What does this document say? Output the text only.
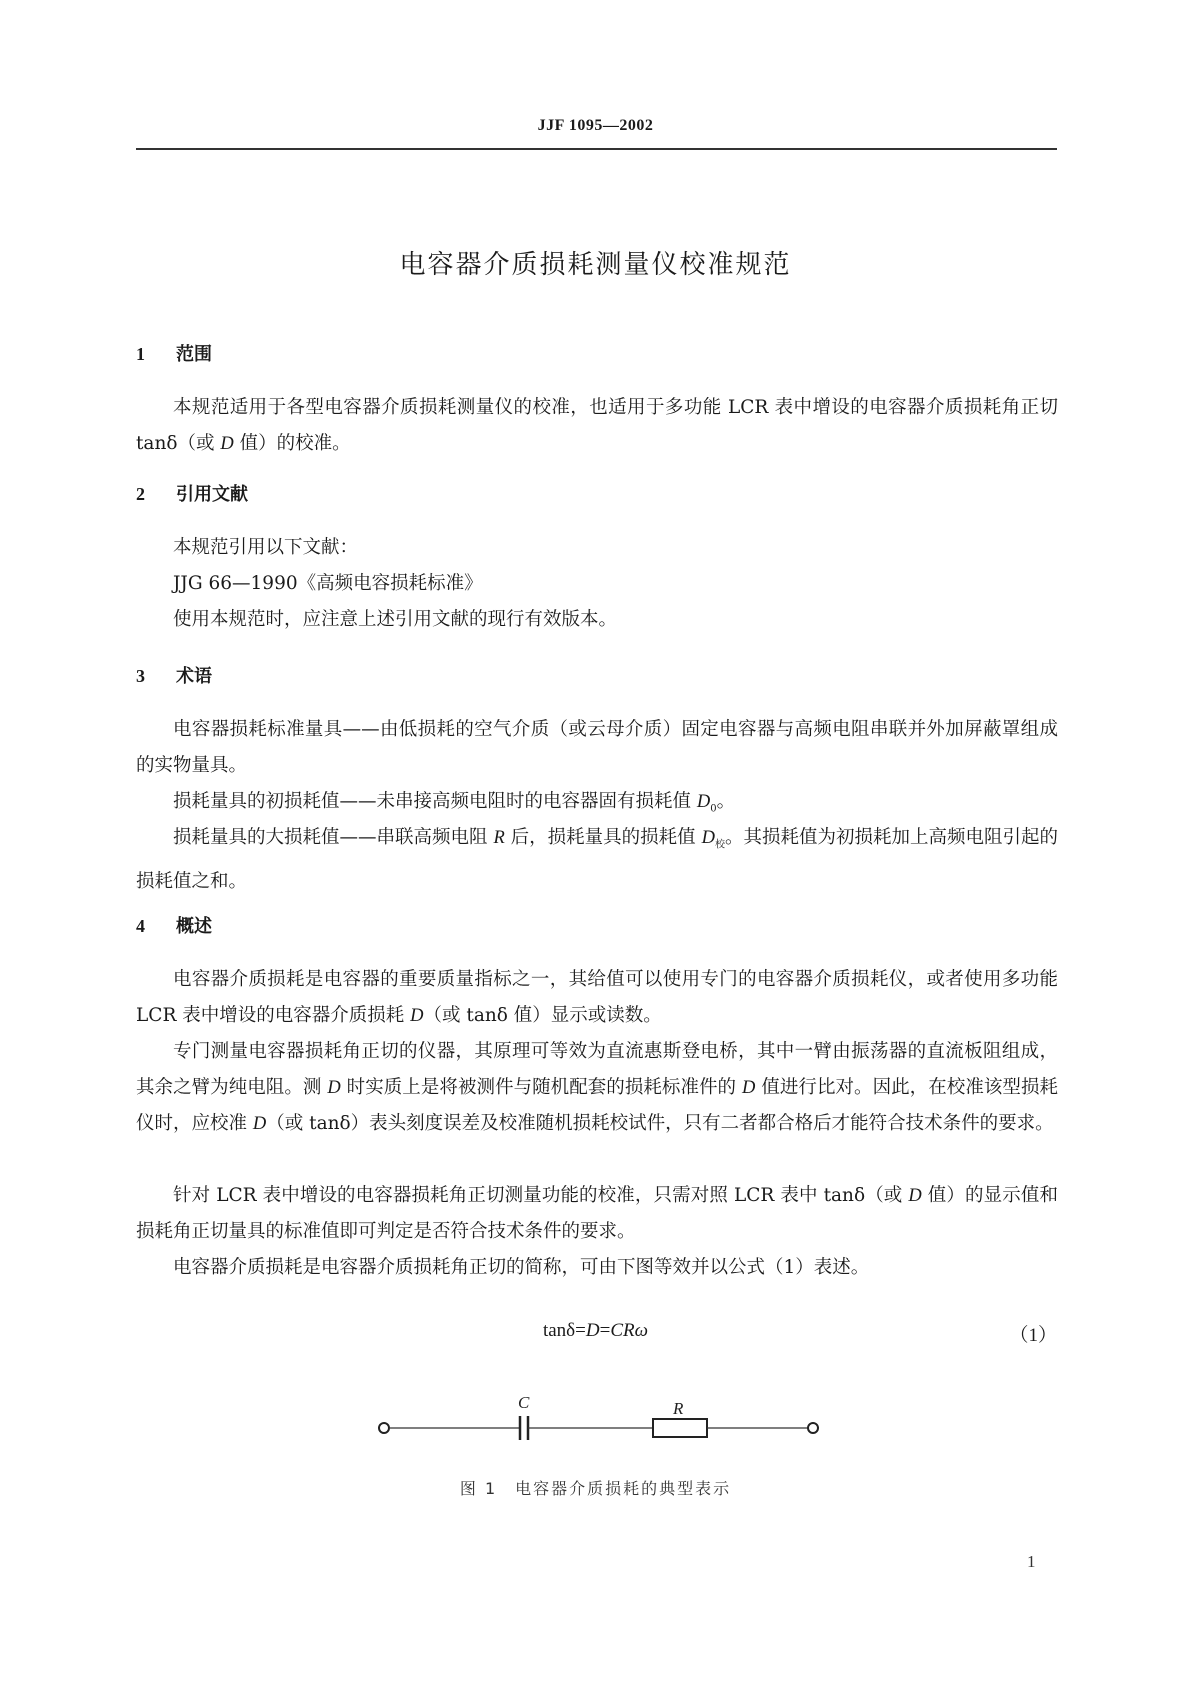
JJF 1095—2002
电容器介质损耗测量仪校准规范
1 范围
本规范适用于各型电容器介质损耗测量仪的校准，也适用于多功能 LCR 表中增设的电容器介质损耗角正切 tanδ（或 D 值）的校准。
2 引用文献
本规范引用以下文献：
JJG 66—1990《高频电容损耗标准》
使用本规范时，应注意上述引用文献的现行有效版本。
3 术语
电容器损耗标准量具——由低损耗的空气介质（或云母介质）固定电容器与高频电阻串联并外加屏蔽罩组成的实物量具。
损耗量具的初损耗值——未串接高频电阻时的电容器固有损耗值 $D_0$。
损耗量具的大损耗值——串联高频电阻 R 后，损耗量具的损耗值 $D_校$。其损耗值为初损耗加上高频电阻引起的损耗值之和。
4 概述
电容器介质损耗是电容器的重要质量指标之一，其给值可以使用专门的电容器介质损耗仪，或者使用多功能 LCR 表中增设的电容器介质损耗 D（或 tanδ 值）显示或读数。
专门测量电容器损耗角正切的仪器，其原理可等效为直流惠斯登电桥，其中一臂由振荡器的直流板阻组成，其余之臂为纯电阻。测 D 时实质上是将被测件与随机配套的损耗标准件的 D 值进行比对。因此，在校准该型损耗仪时，应校准 D（或 tanδ）表头刻度误差及校准随机损耗校试件，只有二者都合格后才能符合技术条件的要求。
针对 LCR 表中增设的电容器损耗角正切测量功能的校准，只需对照 LCR 表中 tanδ（或 D 值）的显示值和损耗角正切量具的标准值即可判定是否符合技术条件的要求。
电容器介质损耗是电容器介质损耗角正切的简称，可由下图等效并以公式（1）表述。
tanδ=D=CRω	（1）
C	R
图 1　电容器介质损耗的典型表示
1
